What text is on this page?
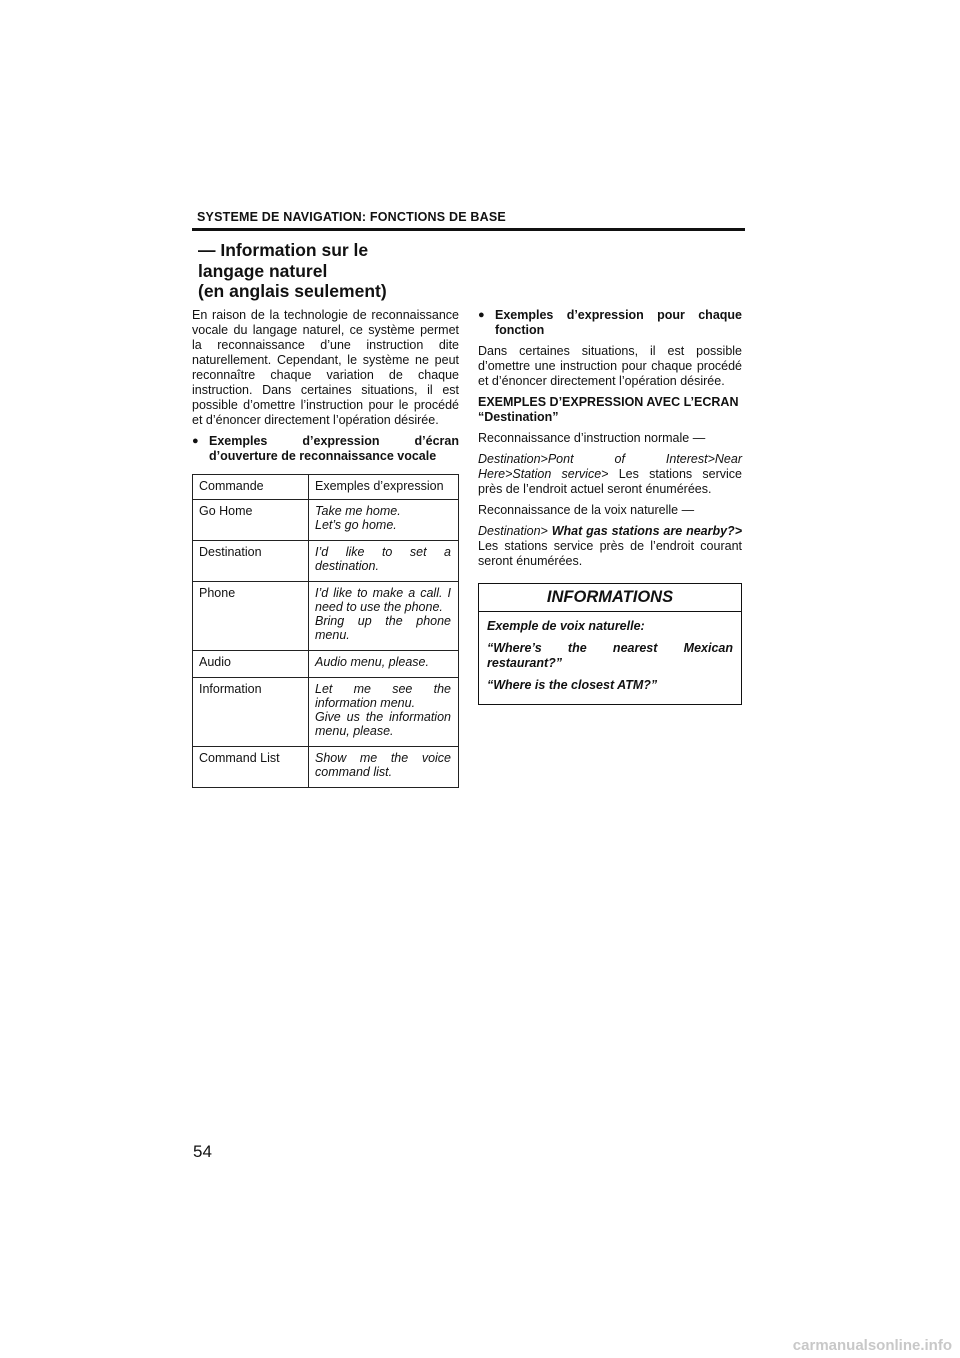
SYSTEME DE NAVIGATION: FONCTIONS DE BASE
— Information sur le
langage naturel
(en anglais seulement)

En raison de la technologie de reconnaissance vocale du langage naturel, ce système permet la reconnaissance d’une instruction dite naturellement. Cependant, le système ne peut reconnaître chaque variation de chaque instruction. Dans certaines situations, il est possible d’omettre l’instruction pour le procédé et d’énoncer directement l’opération désirée.

● Exemples d’expression d’écran d’ouverture de reconnaissance vocale
Commande	Exemples d’expression
Go Home	Take me home.
Let’s go home.

Destination	I’d like to set a destination.

Phone	I’d like to make a call. I need to use the phone.
Bring up the phone menu.

Audio	Audio menu, please.

Information	Let me see the information menu.
Give us the information menu, please.

Command List	Show me the voice command list.
● Exemples d’expression pour chaque fonction

Dans certaines situations, il est possible d’omettre une instruction pour chaque procédé et d’énoncer directement l’opération désirée.

EXEMPLES D’EXPRESSION AVEC L’ECRAN “Destination”

Reconnaissance d’instruction normale —

Destination>Pont of Interest>Near Here>Station service> Les stations service près de l’endroit actuel seront énumérées.

Reconnaissance de la voix naturelle —

Destination> What gas stations are nearby?> Les stations service près de l’endroit courant seront énumérées.

INFORMATIONS

Exemple de voix naturelle:

“Where’s the nearest Mexican restaurant?”

“Where is the closest ATM?”

54
carmanualsonline.info
